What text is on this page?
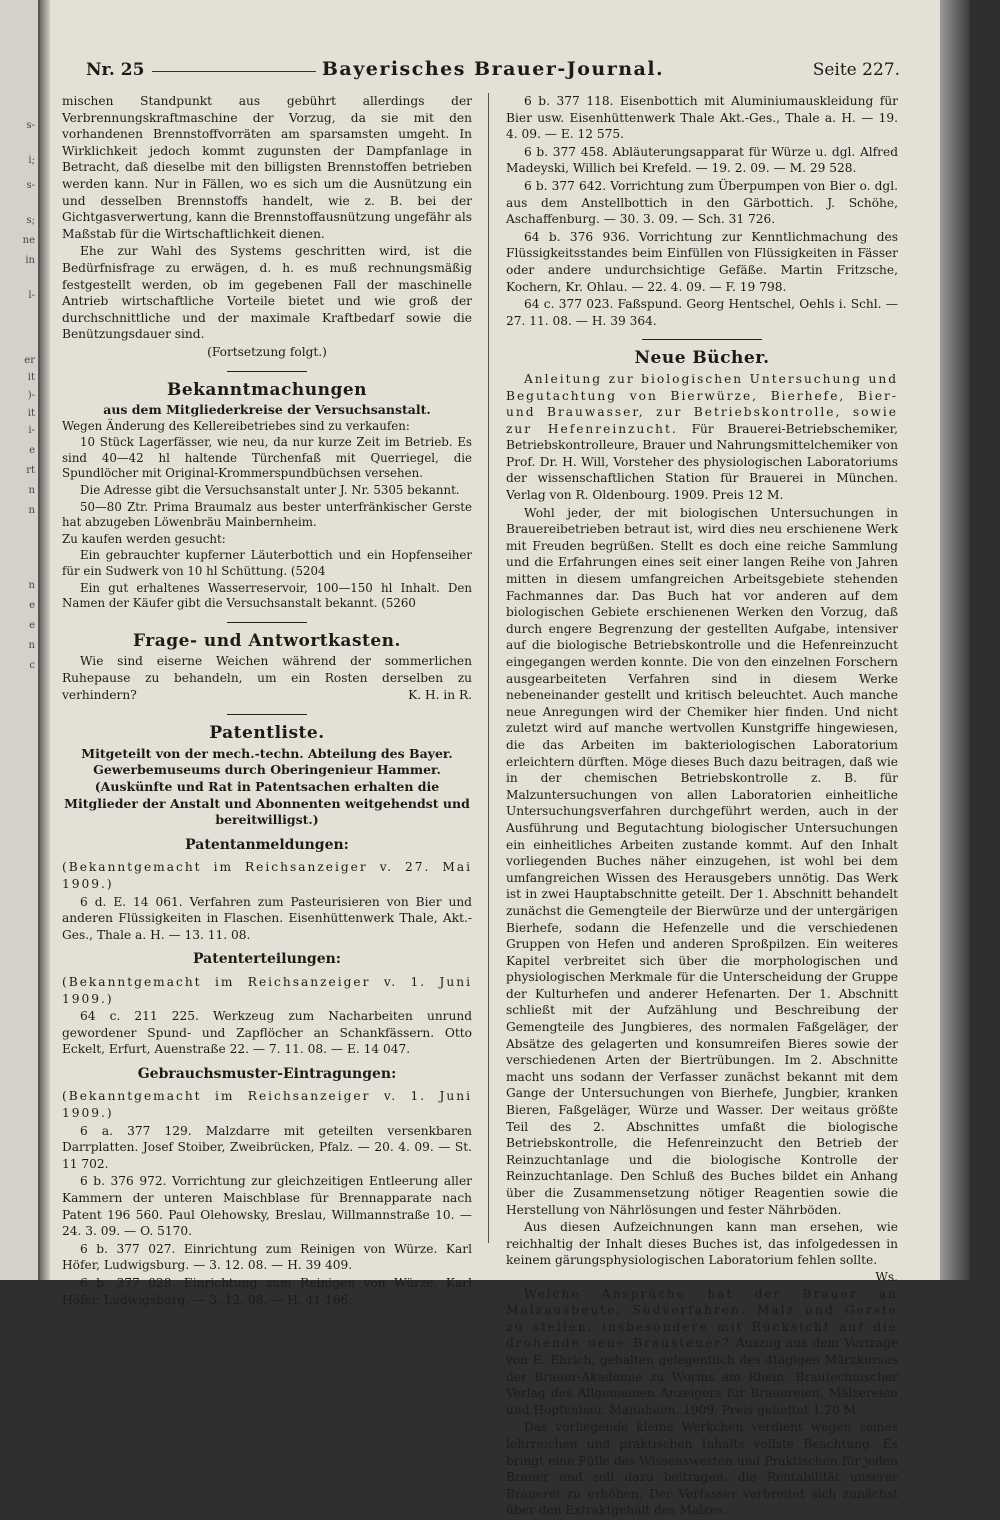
s-
i;
s-
s;
ne
in
l-
er
it
)-
it
i-
e
rt
n
n
n
e
e
n
c
Nr. 25	Bayerisches Brauer-Journal.	Seite 227.

mischen Standpunkt aus gebührt allerdings der Verbrennungskraftmaschine der Vorzug, da sie mit den vorhandenen Brennstoffvorräten am sparsamsten umgeht. In Wirklichkeit jedoch kommt zugunsten der Dampfanlage in Betracht, daß dieselbe mit den billigsten Brennstoffen betrieben werden kann. Nur in Fällen, wo es sich um die Ausnützung ein und desselben Brennstoffs handelt, wie z. B. bei der Gichtgasverwertung, kann die Brennstoffausnützung ungefähr als Maßstab für die Wirtschaftlichkeit dienen.

Ehe zur Wahl des Systems geschritten wird, ist die Bedürfnisfrage zu erwägen, d. h. es muß rechnungsmäßig festgestellt werden, ob im gegebenen Fall der maschinelle Antrieb wirtschaftliche Vorteile bietet und wie groß der durchschnittliche und der maximale Kraftbedarf sowie die Benützungsdauer sind.

(Fortsetzung folgt.)

Bekanntmachungen
aus dem Mitgliederkreise der Versuchsanstalt.

Wegen Änderung des Kellereibetriebes sind zu verkaufen:

10 Stück Lagerfässer, wie neu, da nur kurze Zeit im Betrieb. Es sind 40—42 hl haltende Türchenfaß mit Querriegel, die Spundlöcher mit Original-Krommerspundbüchsen versehen.

Die Adresse gibt die Versuchsanstalt unter J. Nr. 5305 bekannt.

50—80 Ztr. Prima Braumalz aus bester unterfränkischer Gerste hat abzugeben Löwenbräu Mainbernheim.

Zu kaufen werden gesucht:

Ein gebrauchter kupferner Läuterbottich und ein Hopfenseiher für ein Sudwerk von 10 hl Schüttung. (5204

Ein gut erhaltenes Wasserreservoir, 100—150 hl Inhalt. Den Namen der Käufer gibt die Versuchsanstalt bekannt. (5260

Frage- und Antwortkasten.

Wie sind eiserne Weichen während der sommerlichen Ruhepause zu behandeln, um ein Rosten derselben zu verhindern?	K. H. in R.

Patentliste.
Mitgeteilt von der mech.-techn. Abteilung des Bayer. Gewerbemuseums durch Oberingenieur Hammer.
(Auskünfte und Rat in Patentsachen erhalten die Mitglieder der Anstalt und Abonnenten weitgehendst und bereitwilligst.)
Patentanmeldungen:

(Bekanntgemacht im Reichsanzeiger v. 27. Mai 1909.)

6 d. E. 14 061. Verfahren zum Pasteurisieren von Bier und anderen Flüssigkeiten in Flaschen. Eisenhüttenwerk Thale, Akt.-Ges., Thale a. H. — 13. 11. 08.

Patenterteilungen:

(Bekanntgemacht im Reichsanzeiger v. 1. Juni 1909.)

64 c. 211 225. Werkzeug zum Nacharbeiten unrund gewordener Spund- und Zapflöcher an Schankfässern. Otto Eckelt, Erfurt, Auenstraße 22. — 7. 11. 08. — E. 14 047.

Gebrauchsmuster-Eintragungen:

(Bekanntgemacht im Reichsanzeiger v. 1. Juni 1909.)

6 a. 377 129. Malzdarre mit geteilten versenkbaren Darrplatten. Josef Stoiber, Zweibrücken, Pfalz. — 20. 4. 09. — St. 11 702.

6 b. 376 972. Vorrichtung zur gleichzeitigen Entleerung aller Kammern der unteren Maischblase für Brennapparate nach Patent 196 560. Paul Olehowsky, Breslau, Willmannstraße 10. — 24. 3. 09. — O. 5170.

6 b. 377 027. Einrichtung zum Reinigen von Würze. Karl Höfer, Ludwigsburg. — 3. 12. 08. — H. 39 409.

6 b. 377 028. Einrichtung zum Reinigen von Würze. Karl Höfer, Ludwigsburg. — 3. 12. 08. — H. 41 166.

6 b. 377 118. Eisenbottich mit Aluminiumauskleidung für Bier usw. Eisenhüttenwerk Thale Akt.-Ges., Thale a. H. — 19. 4. 09. — E. 12 575.

6 b. 377 458. Abläuterungsapparat für Würze u. dgl. Alfred Madeyski, Willich bei Krefeld. — 19. 2. 09. — M. 29 528.

6 b. 377 642. Vorrichtung zum Überpumpen von Bier o. dgl. aus dem Anstellbottich in den Gärbottich. J. Schöhe, Aschaffenburg. — 30. 3. 09. — Sch. 31 726.

64 b. 376 936. Vorrichtung zur Kenntlichmachung des Flüssigkeitsstandes beim Einfüllen von Flüssigkeiten in Fässer oder andere undurchsichtige Gefäße. Martin Fritzsche, Kochern, Kr. Ohlau. — 22. 4. 09. — F. 19 798.

64 c. 377 023. Faßspund. Georg Hentschel, Oehls i. Schl. — 27. 11. 08. — H. 39 364.

Neue Bücher.

Anleitung zur biologischen Untersuchung und Begutachtung von Bierwürze, Bierhefe, Bier- und Brauwasser, zur Betriebskontrolle, sowie zur Hefenreinzucht. Für Brauerei-Betriebschemiker, Betriebskontrolleure, Brauer und Nahrungsmittelchemiker von Prof. Dr. H. Will, Vorsteher des physiologischen Laboratoriums der wissenschaftlichen Station für Brauerei in München. Verlag von R. Oldenbourg. 1909. Preis 12 M.

Wohl jeder, der mit biologischen Untersuchungen in Brauereibetrieben betraut ist, wird dies neu erschienene Werk mit Freuden begrüßen. Stellt es doch eine reiche Sammlung und die Erfahrungen eines seit einer langen Reihe von Jahren mitten in diesem umfangreichen Arbeitsgebiete stehenden Fachmannes dar. Das Buch hat vor anderen auf dem biologischen Gebiete erschienenen Werken den Vorzug, daß durch engere Begrenzung der gestellten Aufgabe, intensiver auf die biologische Betriebskontrolle und die Hefenreinzucht eingegangen werden konnte. Die von den einzelnen Forschern ausgearbeiteten Verfahren sind in diesem Werke nebeneinander gestellt und kritisch beleuchtet. Auch manche neue Anregungen wird der Chemiker hier finden. Und nicht zuletzt wird auf manche wertvollen Kunstgriffe hingewiesen, die das Arbeiten im bakteriologischen Laboratorium erleichtern dürften. Möge dieses Buch dazu beitragen, daß wie in der chemischen Betriebskontrolle z. B. für Malzuntersuchungen von allen Laboratorien einheitliche Untersuchungsverfahren durchgeführt werden, auch in der Ausführung und Begutachtung biologischer Untersuchungen ein einheitliches Arbeiten zustande kommt. Auf den Inhalt vorliegenden Buches näher einzugehen, ist wohl bei dem umfangreichen Wissen des Herausgebers unnötig. Das Werk ist in zwei Hauptabschnitte geteilt. Der 1. Abschnitt behandelt zunächst die Gemengteile der Bierwürze und der untergärigen Bierhefe, sodann die Hefenzelle und die verschiedenen Gruppen von Hefen und anderen Sproßpilzen. Ein weiteres Kapitel verbreitet sich über die morphologischen und physiologischen Merkmale für die Unterscheidung der Gruppe der Kulturhefen und anderer Hefenarten. Der 1. Abschnitt schließt mit der Aufzählung und Beschreibung der Gemengteile des Jungbieres, des normalen Faßgeläger, der Absätze des gelagerten und konsumreifen Bieres sowie der verschiedenen Arten der Biertrübungen. Im 2. Abschnitte macht uns sodann der Verfasser zunächst bekannt mit dem Gange der Untersuchungen von Bierhefe, Jungbier, kranken Bieren, Faßgeläger, Würze und Wasser. Der weitaus größte Teil des 2. Abschnittes umfaßt die biologische Betriebskontrolle, die Hefenreinzucht den Betrieb der Reinzuchtanlage und die biologische Kontrolle der Reinzuchtanlage. Den Schluß des Buches bildet ein Anhang über die Zusammensetzung nötiger Reagentien sowie die Herstellung von Nährlösungen und fester Nährböden.

Aus diesen Aufzeichnungen kann man ersehen, wie reichhaltig der Inhalt dieses Buches ist, das infolgedessen in keinem gärungsphysiologischen Laboratorium fehlen sollte.
Ws.

Welche Ansprüche hat der Brauer an Malzausbeute, Sudverfahren, Malz und Gerste zu stellen, insbesondere mit Rücksicht auf die drohende neue Brausteuer? Auszug aus dem Vortrage von E. Ehrich, gehalten gelegentlich des 4tägigen Märzkursus der Brauer-Akademie zu Worms am Rhein. Brautechnischer Verlag des Allgemeinen Anzeigers für Brauereien, Mälzereien und Hopfenbau. Mannheim. 1909. Preis geheftet 1.20 M.

Das vorliegende kleine Werkchen verdient wegen seines lehrreichen und praktischen Inhalts vollste Beachtung. Es bringt eine Fülle des Wissenswerten und Praktischen für jeden Brauer und soll dazu beitragen, die Rentabilität unserer Brauerei zu erhöhen. Der Verfasser verbreitet sich zunächst über den Extraktgehalt des Malzes.
